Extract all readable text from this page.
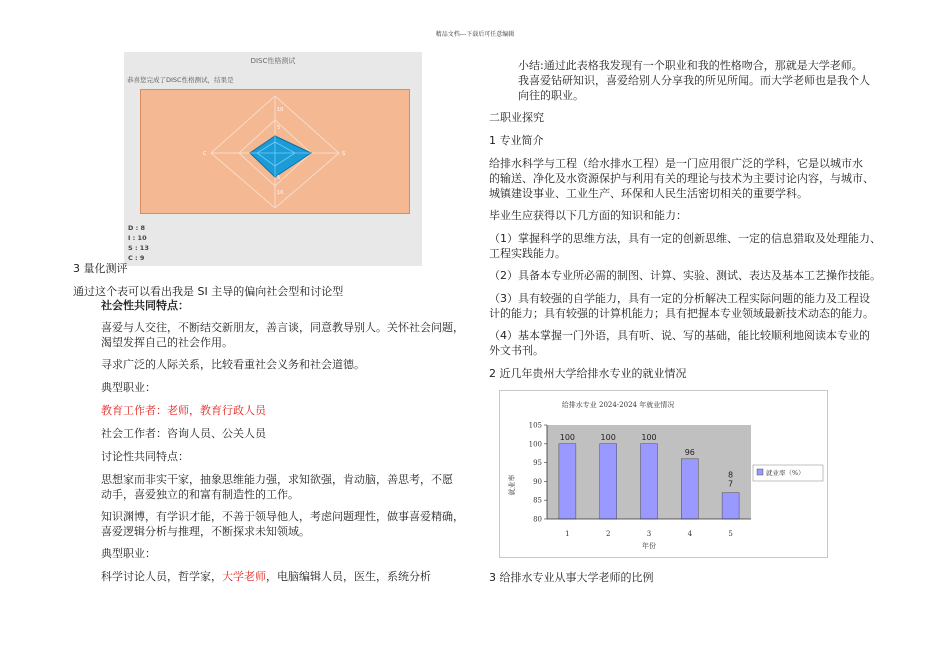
精品文档---下载后可任意编辑
DISC性格测试
恭喜您完成了DISC性格测试，结果是
10
5
5
10
C	S
D : 8
I : 10
S : 13
C : 9
3 量化测评
通过这个表可以看出我是 SI 主导的偏向社会型和讨论型
社会性共同特点：
喜爱与人交往，不断结交新朋友，善言谈，同意教导别人。关怀社会问题，
渴望发挥自己的社会作用。
寻求广泛的人际关系，比较看重社会义务和社会道德。
典型职业：
教育工作者：老师，教育行政人员
社会工作者：咨询人员、公关人员
讨论性共同特点：
思想家而非实干家，抽象思维能力强，求知欲强，肯动脑，善思考，不愿
动手，喜爱独立的和富有制造性的工作。
知识渊博，有学识才能，不善于领导他人，考虑问题理性，做事喜爱精确，
喜爱逻辑分析与推理，不断探求未知领域。
典型职业：
科学讨论人员，哲学家，大学老师，电脑编辑人员，医生，系统分析
小结:通过此表格我发现有一个职业和我的性格吻合，那就是大学老师。
我喜爱钻研知识，喜爱给别人分享我的所见所闻。而大学老师也是我个人
向往的职业。
二职业探究
1 专业简介
给排水科学与工程（给水排水工程）是一门应用很广泛的学科，它是以城市水
的输送、净化及水资源保护与利用有关的理论与技术为主要讨论内容，与城市、
城镇建设事业、工业生产、环保和人民生活密切相关的重要学科。
毕业生应获得以下几方面的知识和能力：
（1）掌握科学的思维方法，具有一定的创新思维、一定的信息猎取及处理能力、
工程实践能力。
（2）具备本专业所必需的制图、计算、实验、测试、表达及基本工艺操作技能。
（3）具有较强的自学能力，具有一定的分析解决工程实际问题的能力及工程设
计的能力；具有较强的计算机能力；具有把握本专业领域最新技术动态的能力。
（4）基本掌握一门外语，具有听、说、写的基础，能比较顺利地阅读本专业的
外文书刊。
2 近几年贵州大学给排水专业的就业情况
给排水专业 2024-2024 年就业情况
80
85
90
95
100
105
100	100	100
96
8
7
1	2	3	4	5
就业率
年份
就业率（%）
3 给排水专业从事大学老师的比例
